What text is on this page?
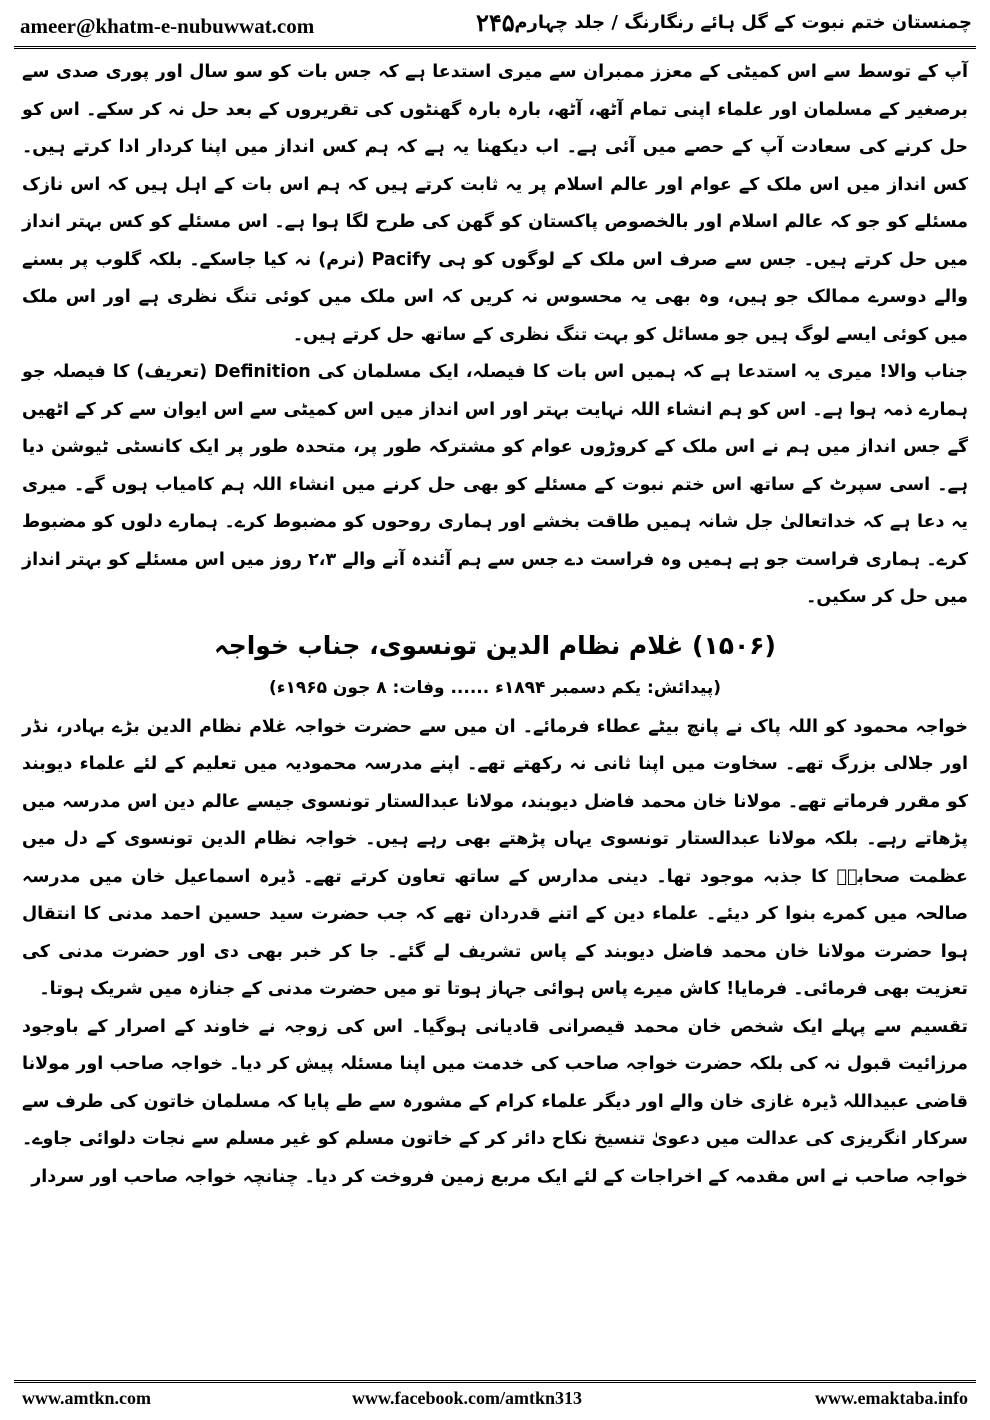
ameer@khatm-e-nubuwwat.com	۲۴۵ چمنستان ختم نبوت کے گل ہائے رنگارنگ / جلد چہارم

آپ کے توسط سے اس کمیٹی کے معزز ممبران سے میری استدعا ہے کہ جس بات کو سو سال اور پوری صدی سے برصغیر کے مسلمان اور علماء اپنی تمام آٹھ، آٹھ، بارہ بارہ گھنٹوں کی تقریروں کے بعد حل نہ کر سکے۔ اس کو حل کرنے کی سعادت آپ کے حصے میں آئی ہے۔ اب دیکھنا یہ ہے کہ ہم کس انداز میں اپنا کردار ادا کرتے ہیں۔ کس انداز میں اس ملک کے عوام اور عالم اسلام پر یہ ثابت کرتے ہیں کہ ہم اس بات کے اہل ہیں کہ اس نازک مسئلے کو جو کہ عالم اسلام اور بالخصوص پاکستان کو گھن کی طرح لگا ہوا ہے۔ اس مسئلے کو کس بہتر انداز میں حل کرتے ہیں۔ جس سے صرف اس ملک کے لوگوں کو ہی Pacify (نرم) نہ کیا جاسکے۔ بلکہ گلوب پر بسنے والے دوسرے ممالک جو ہیں، وہ بھی یہ محسوس نہ کریں کہ اس ملک میں کوئی تنگ نظری ہے اور اس ملک میں کوئی ایسے لوگ ہیں جو مسائل کو بہت تنگ نظری کے ساتھ حل کرتے ہیں۔

جناب والا! میری یہ استدعا ہے کہ ہمیں اس بات کا فیصلہ، ایک مسلمان کی Definition (تعریف) کا فیصلہ جو ہمارے ذمہ ہوا ہے۔ اس کو ہم انشاء اللہ نہایت بہتر اور اس انداز میں اس کمیٹی سے اس ایوان سے کر کے اٹھیں گے جس انداز میں ہم نے اس ملک کے کروڑوں عوام کو مشترکہ طور پر، متحدہ طور پر ایک کانسٹی ٹیوشن دیا ہے۔ اسی سپرٹ کے ساتھ اس ختم نبوت کے مسئلے کو بھی حل کرنے میں انشاء اللہ ہم کامیاب ہوں گے۔ میری یہ دعا ہے کہ خداتعالیٰ جل شانہ ہمیں طاقت بخشے اور ہماری روحوں کو مضبوط کرے۔ ہمارے دلوں کو مضبوط کرے۔ ہماری فراست جو ہے ہمیں وہ فراست دے جس سے ہم آئندہ آنے والے ۲،۳ روز میں اس مسئلے کو بہتر انداز میں حل کر سکیں۔

(۱۵۰۶) غلام نظام الدین تونسوی، جناب خواجہ
(پیدائش: یکم دسمبر ۱۸۹۴ء ...... وفات: ۸ جون ۱۹۶۵ء)

خواجہ محمود کو اللہ پاک نے پانچ بیٹے عطاء فرمائے۔ ان میں سے حضرت خواجہ غلام نظام الدین بڑے بہادر، نڈر اور جلالی بزرگ تھے۔ سخاوت میں اپنا ثانی نہ رکھتے تھے۔ اپنے مدرسہ محمودیہ میں تعلیم کے لئے علماء دیوبند کو مقرر فرماتے تھے۔ مولانا خان محمد فاضل دیوبند، مولانا عبدالستار تونسوی جیسے عالم دین اس مدرسہ میں پڑھاتے رہے۔ بلکہ مولانا عبدالستار تونسوی یہاں پڑھتے بھی رہے ہیں۔ خواجہ نظام الدین تونسوی کے دل میں عظمت صحابہؓ کا جذبہ موجود تھا۔ دینی مدارس کے ساتھ تعاون کرتے تھے۔ ڈیرہ اسماعیل خان میں مدرسہ صالحہ میں کمرے بنوا کر دیئے۔ علماء دین کے اتنے قدردان تھے کہ جب حضرت سید حسین احمد مدنی کا انتقال ہوا حضرت مولانا خان محمد فاضل دیوبند کے پاس تشریف لے گئے۔ جا کر خبر بھی دی اور حضرت مدنی کی تعزیت بھی فرمائی۔ فرمایا! کاش میرے پاس ہوائی جہاز ہوتا تو میں حضرت مدنی کے جنازہ میں شریک ہوتا۔

تقسیم سے پہلے ایک شخص خان محمد قیصرانی قادیانی ہوگیا۔ اس کی زوجہ نے خاوند کے اصرار کے باوجود مرزائیت قبول نہ کی بلکہ حضرت خواجہ صاحب کی خدمت میں اپنا مسئلہ پیش کر دیا۔ خواجہ صاحب اور مولانا قاضی عبیداللہ ڈیرہ غازی خان والے اور دیگر علماء کرام کے مشورہ سے طے پایا کہ مسلمان خاتون کی طرف سے سرکار انگریزی کی عدالت میں دعویٰ تنسیخ نکاح دائر کر کے خاتون مسلم کو غیر مسلم سے نجات دلوائی جاوے۔ خواجہ صاحب نے اس مقدمہ کے اخراجات کے لئے ایک مربع زمین فروخت کر دیا۔ چنانچہ خواجہ صاحب اور سردار

www.amtkn.com	www.facebook.com/amtkn313	www.emaktaba.info
